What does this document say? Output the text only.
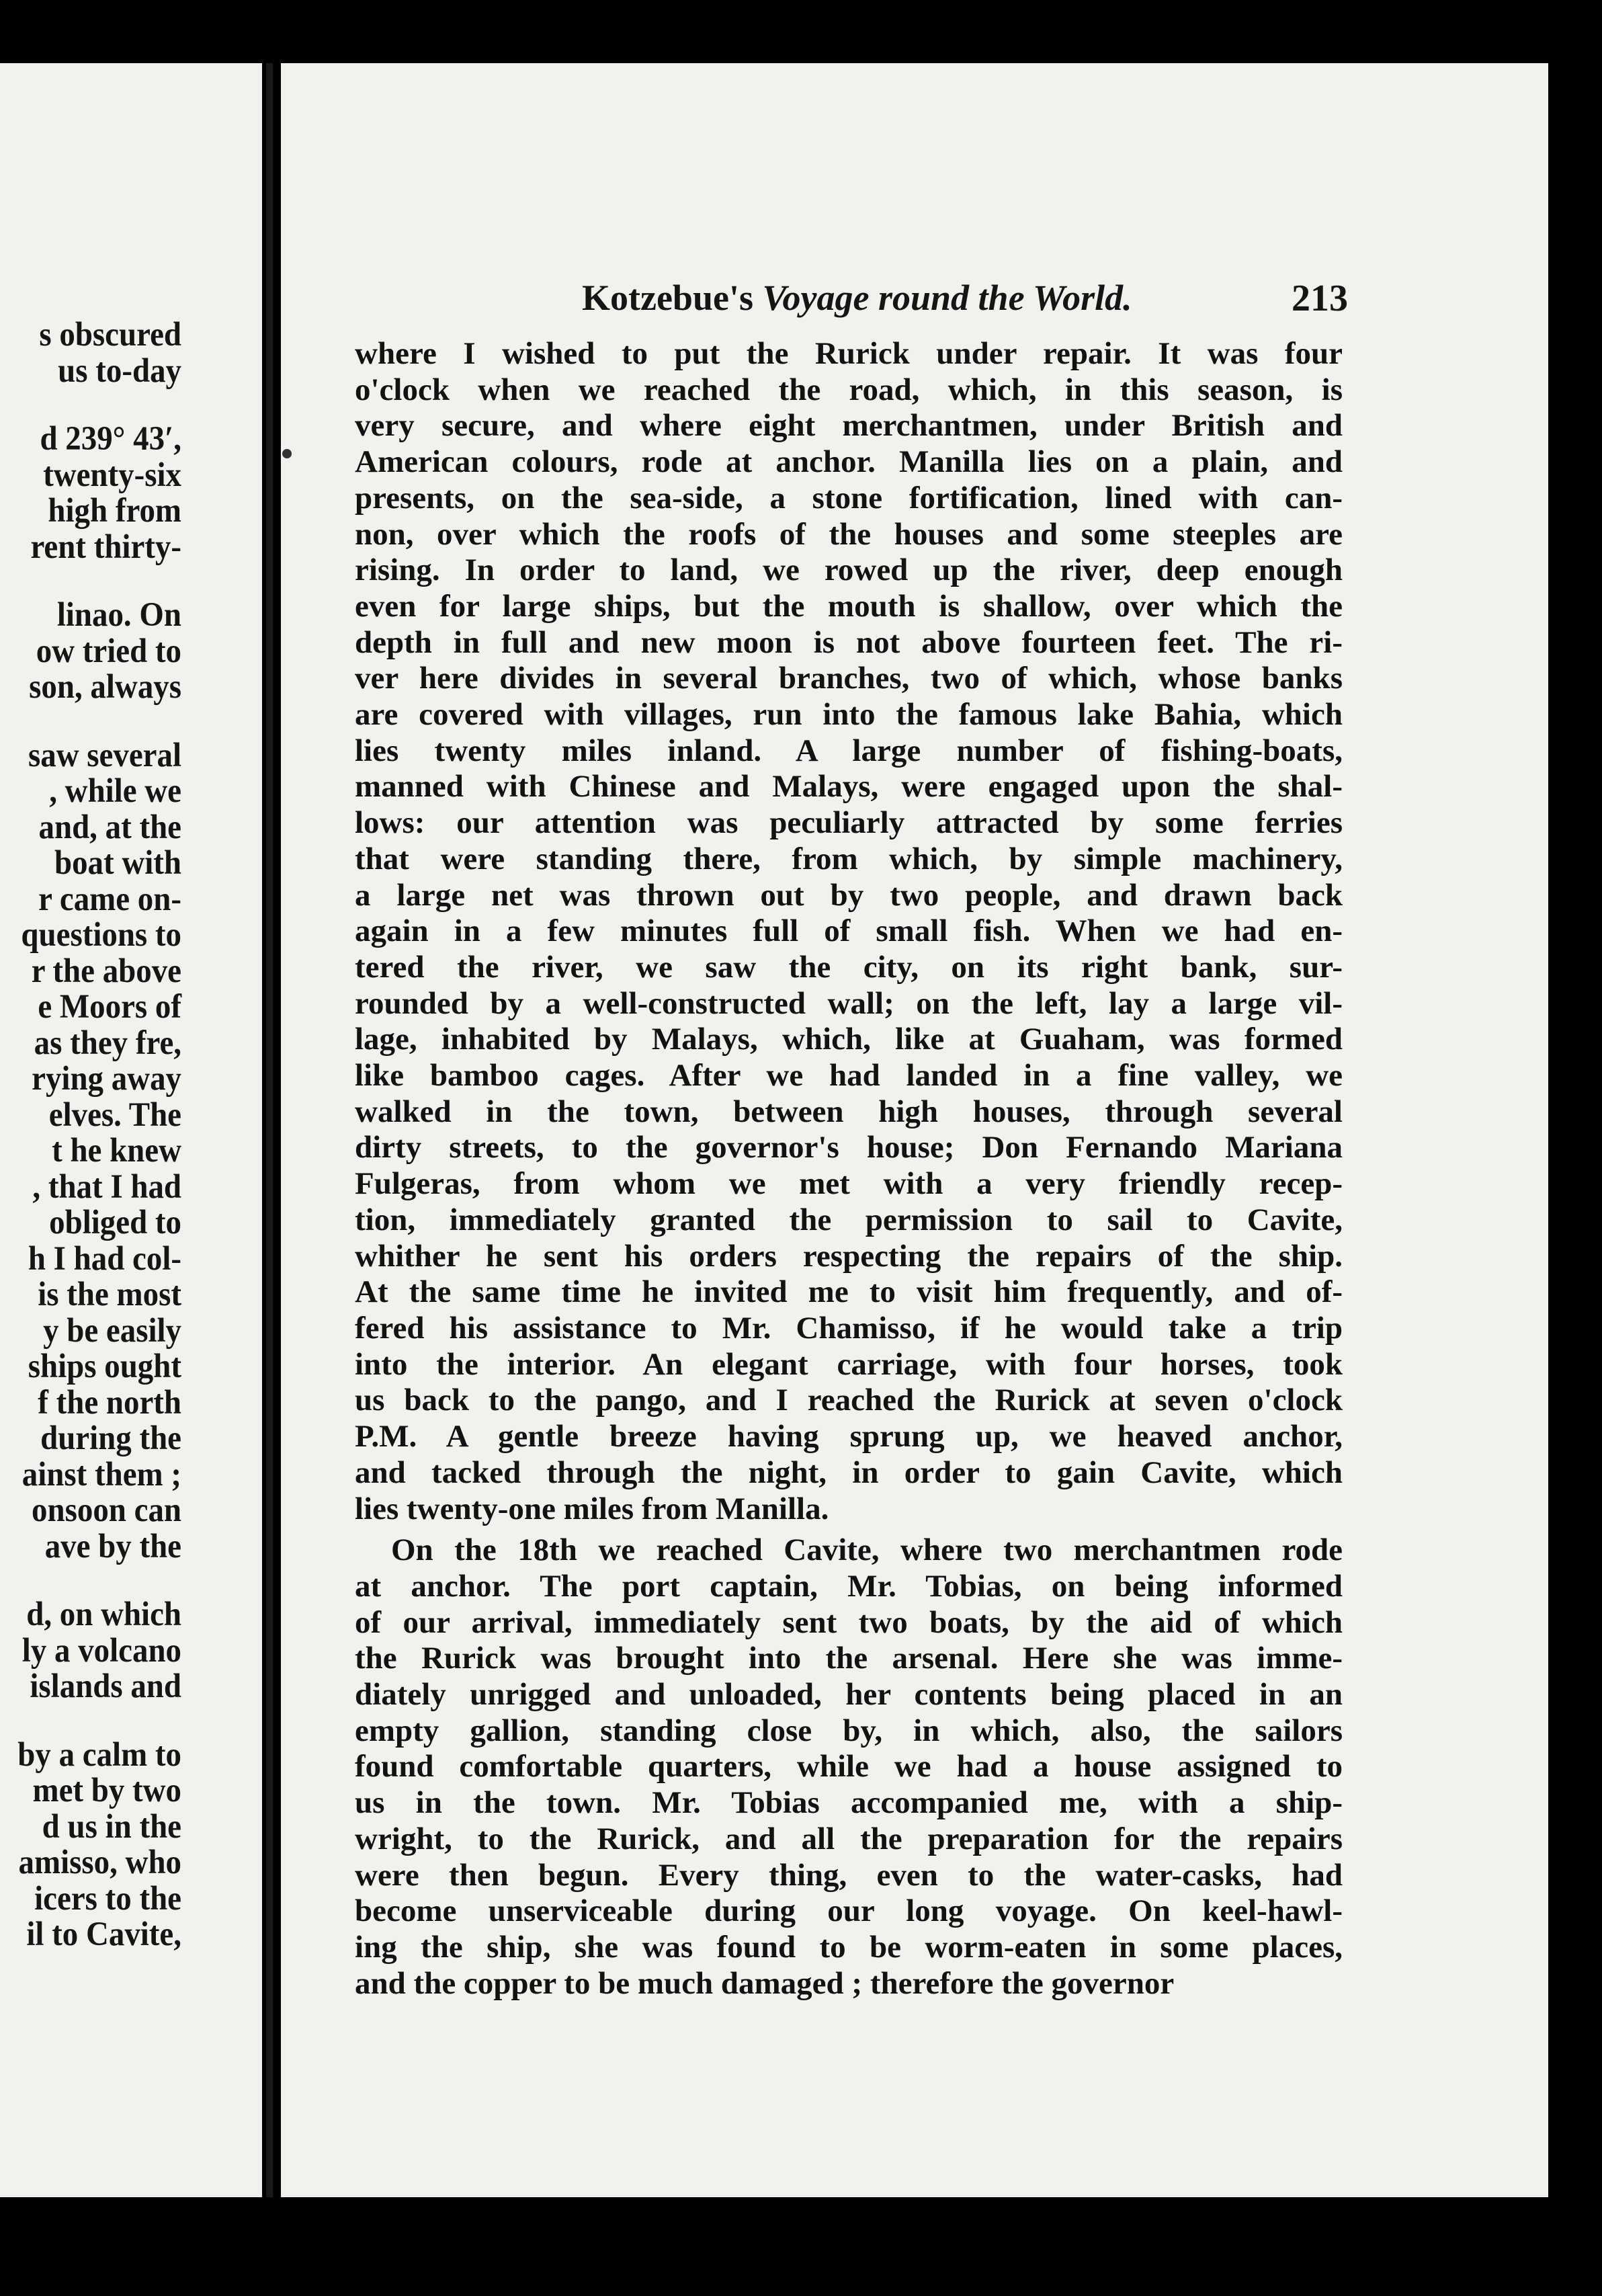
s obscured
us to-day
d 239° 43′,
twenty-six
high from
rent thirty-
linao. On
ow tried to
son, always
saw several
, while we
and, at the
boat with
r came on-
questions to
r the above
e Moors of
as they fre,
rying away
elves. The
t he knew
, that I had
obliged to
h I had col-
is the most
y be easily
ships ought
f the north
during the
ainst them ;
onsoon can
ave by the
d, on which
ly a volcano
islands and
by a calm to
met by two
d us in the
amisso, who
icers to the
il to Cavite,
Kotzebue's Voyage round the World.	213
where I wished to put the Rurick under repair. It was four
o'clock when we reached the road, which, in this season, is
very secure, and where eight merchantmen, under British and
American colours, rode at anchor. Manilla lies on a plain, and
presents, on the sea-side, a stone fortification, lined with can-
non, over which the roofs of the houses and some steeples are
rising. In order to land, we rowed up the river, deep enough
even for large ships, but the mouth is shallow, over which the
depth in full and new moon is not above fourteen feet. The ri-
ver here divides in several branches, two of which, whose banks
are covered with villages, run into the famous lake Bahia, which
lies twenty miles inland. A large number of fishing-boats,
manned with Chinese and Malays, were engaged upon the shal-
lows: our attention was peculiarly attracted by some ferries
that were standing there, from which, by simple machinery,
a large net was thrown out by two people, and drawn back
again in a few minutes full of small fish. When we had en-
tered the river, we saw the city, on its right bank, sur-
rounded by a well-constructed wall; on the left, lay a large vil-
lage, inhabited by Malays, which, like at Guaham, was formed
like bamboo cages. After we had landed in a fine valley, we
walked in the town, between high houses, through several
dirty streets, to the governor's house; Don Fernando Mariana
Fulgeras, from whom we met with a very friendly recep-
tion, immediately granted the permission to sail to Cavite,
whither he sent his orders respecting the repairs of the ship.
At the same time he invited me to visit him frequently, and of-
fered his assistance to Mr. Chamisso, if he would take a trip
into the interior. An elegant carriage, with four horses, took
us back to the pango, and I reached the Rurick at seven o'clock
P.M. A gentle breeze having sprung up, we heaved anchor,
and tacked through the night, in order to gain Cavite, which
lies twenty-one miles from Manilla.
On the 18th we reached Cavite, where two merchantmen rode
at anchor. The port captain, Mr. Tobias, on being informed
of our arrival, immediately sent two boats, by the aid of which
the Rurick was brought into the arsenal. Here she was imme-
diately unrigged and unloaded, her contents being placed in an
empty gallion, standing close by, in which, also, the sailors
found comfortable quarters, while we had a house assigned to
us in the town. Mr. Tobias accompanied me, with a ship-
wright, to the Rurick, and all the preparation for the repairs
were then begun. Every thing, even to the water-casks, had
become unserviceable during our long voyage. On keel-hawl-
ing the ship, she was found to be worm-eaten in some places,
and the copper to be much damaged ; therefore the governor
